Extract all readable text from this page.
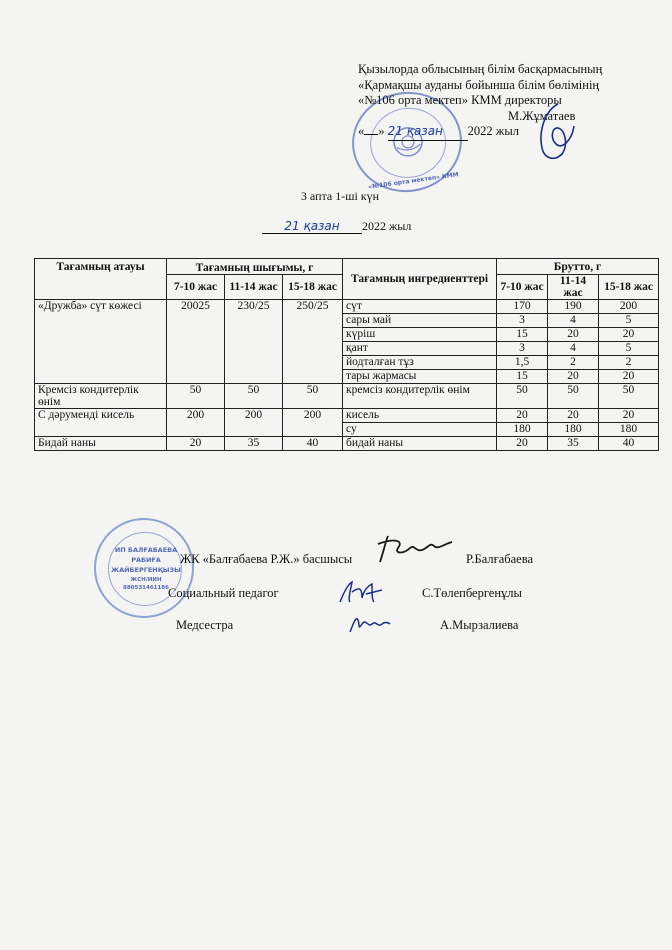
«№106 орта мектеп» КММ
Қызылорда облысының білім басқармасының
«Қармақшы ауданы бойынша білім бөлімінің
«№106 орта мектеп» КММ директоры
М.Жұматаев
« » 21 қазан 2022 жыл
3 апта 1-ші күн
21 қазан 2022 жыл
Тағамның атауы	Тағамның шығымы, г			Тағамның ингредиенттері	Брутто, г		
	7-10 жас	11-14 жас	15-18 жас		7-10 жас	11-14 жас	15-18 жас
«Дружба» сүт көжесі	20025	230/25	250/25	сүт	170	190	200
				сары май	3	4	5
				күріш	15	20	20
				қант	3	4	5
				йодталған тұз	1,5	2	2
				тары жармасы	15	20	20
Кремсіз кондитерлік өнім	50	50	50	кремсіз кондитерлік өнім	50	50	50
С дәруменді кисель	200	200	200	кисель	20	20	20
				су	180	180	180
Бидай наны	20	35	40	бидай наны	20	35	40
ИП БАЛҒАБАЕВА
РАБИҒА
ЖАЙБЕРГЕНҚЫЗЫ
ЖСН/ИИН
880531461186
ЖК «Балғабаева Р.Ж.» басшысы	Р.Балғабаева
Социальный педагог	С.Төлепбергенұлы
Медсестра	А.Мырзалиева
